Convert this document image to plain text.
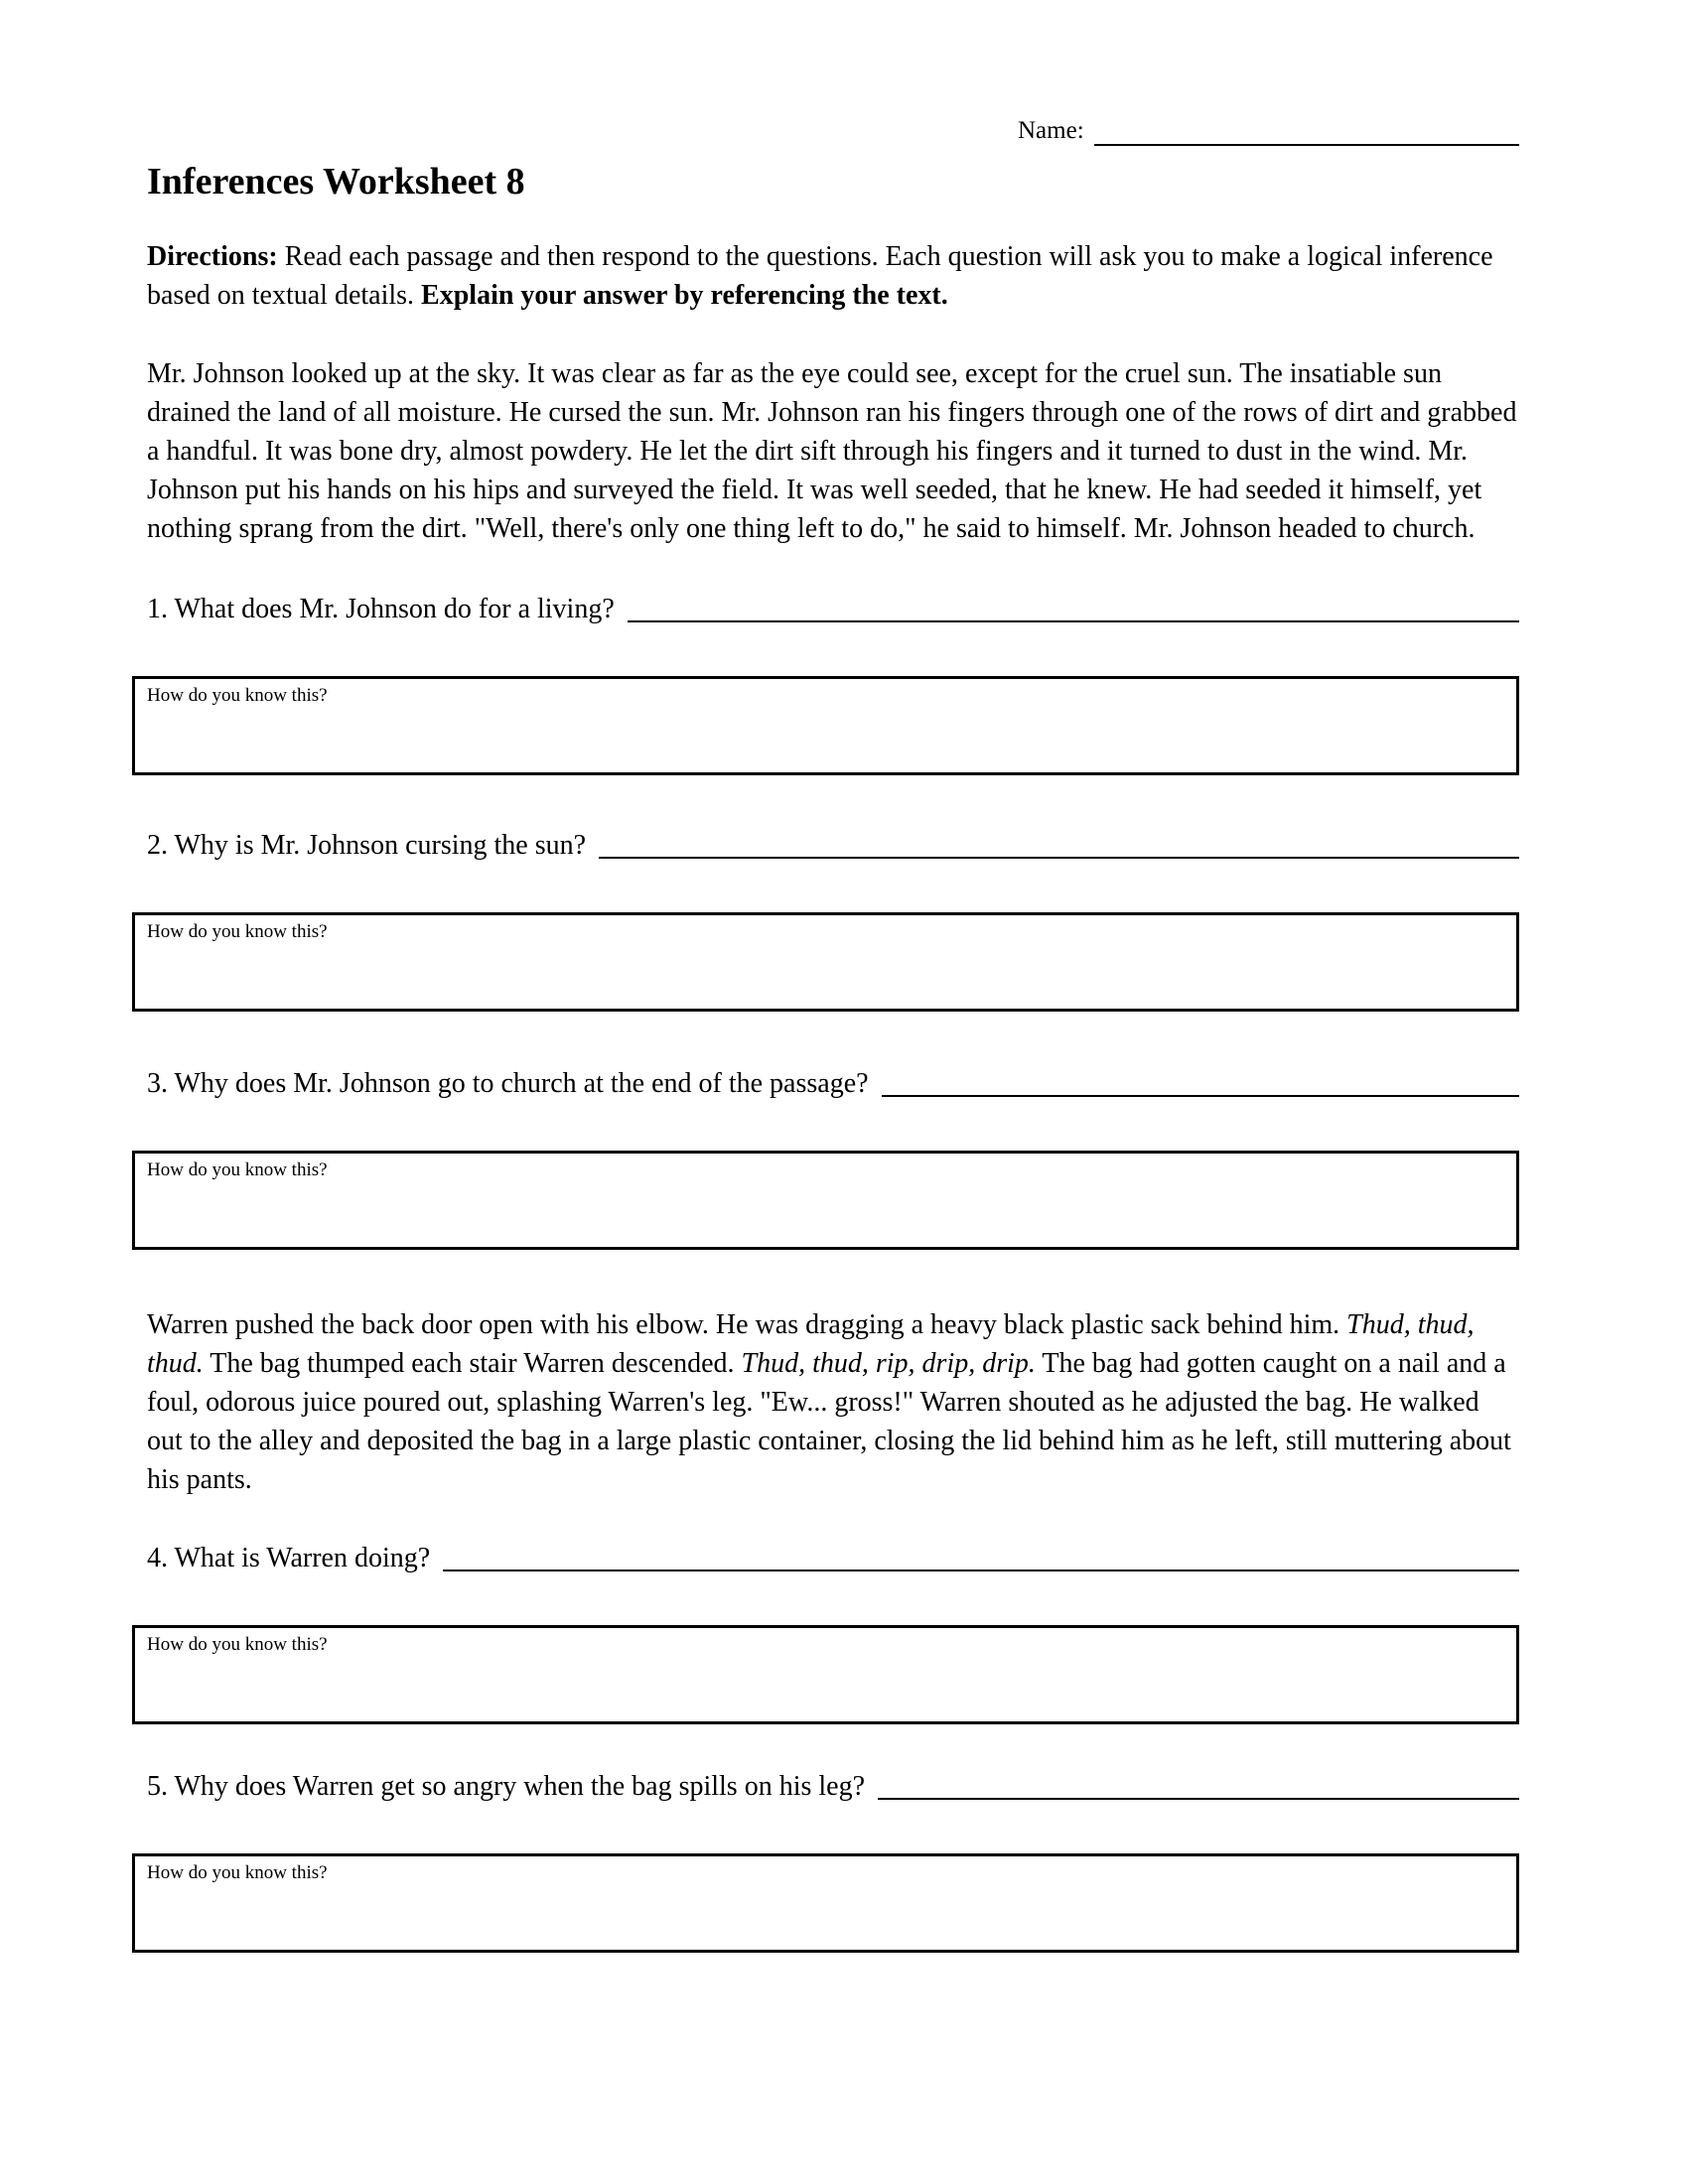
Name:
Inferences Worksheet 8

Directions: Read each passage and then respond to the questions. Each question will ask you to make a logical inference based on textual details. Explain your answer by referencing the text.

Mr. Johnson looked up at the sky. It was clear as far as the eye could see, except for the cruel sun. The insatiable sun drained the land of all moisture. He cursed the sun. Mr. Johnson ran his fingers through one of the rows of dirt and grabbed a handful. It was bone dry, almost powdery. He let the dirt sift through his fingers and it turned to dust in the wind. Mr. Johnson put his hands on his hips and surveyed the field. It was well seeded, that he knew. He had seeded it himself, yet nothing sprang from the dirt. "Well, there's only one thing left to do," he said to himself. Mr. Johnson headed to church.

1. What does Mr. Johnson do for a living?
How do you know this?
2. Why is Mr. Johnson cursing the sun?
How do you know this?
3. Why does Mr. Johnson go to church at the end of the passage?
How do you know this?

Warren pushed the back door open with his elbow. He was dragging a heavy black plastic sack behind him. Thud, thud, thud. The bag thumped each stair Warren descended. Thud, thud, rip, drip, drip. The bag had gotten caught on a nail and a foul, odorous juice poured out, splashing Warren's leg. "Ew... gross!" Warren shouted as he adjusted the bag. He walked out to the alley and deposited the bag in a large plastic container, closing the lid behind him as he left, still muttering about his pants.

4. What is Warren doing?
How do you know this?
5. Why does Warren get so angry when the bag spills on his leg?
How do you know this?
